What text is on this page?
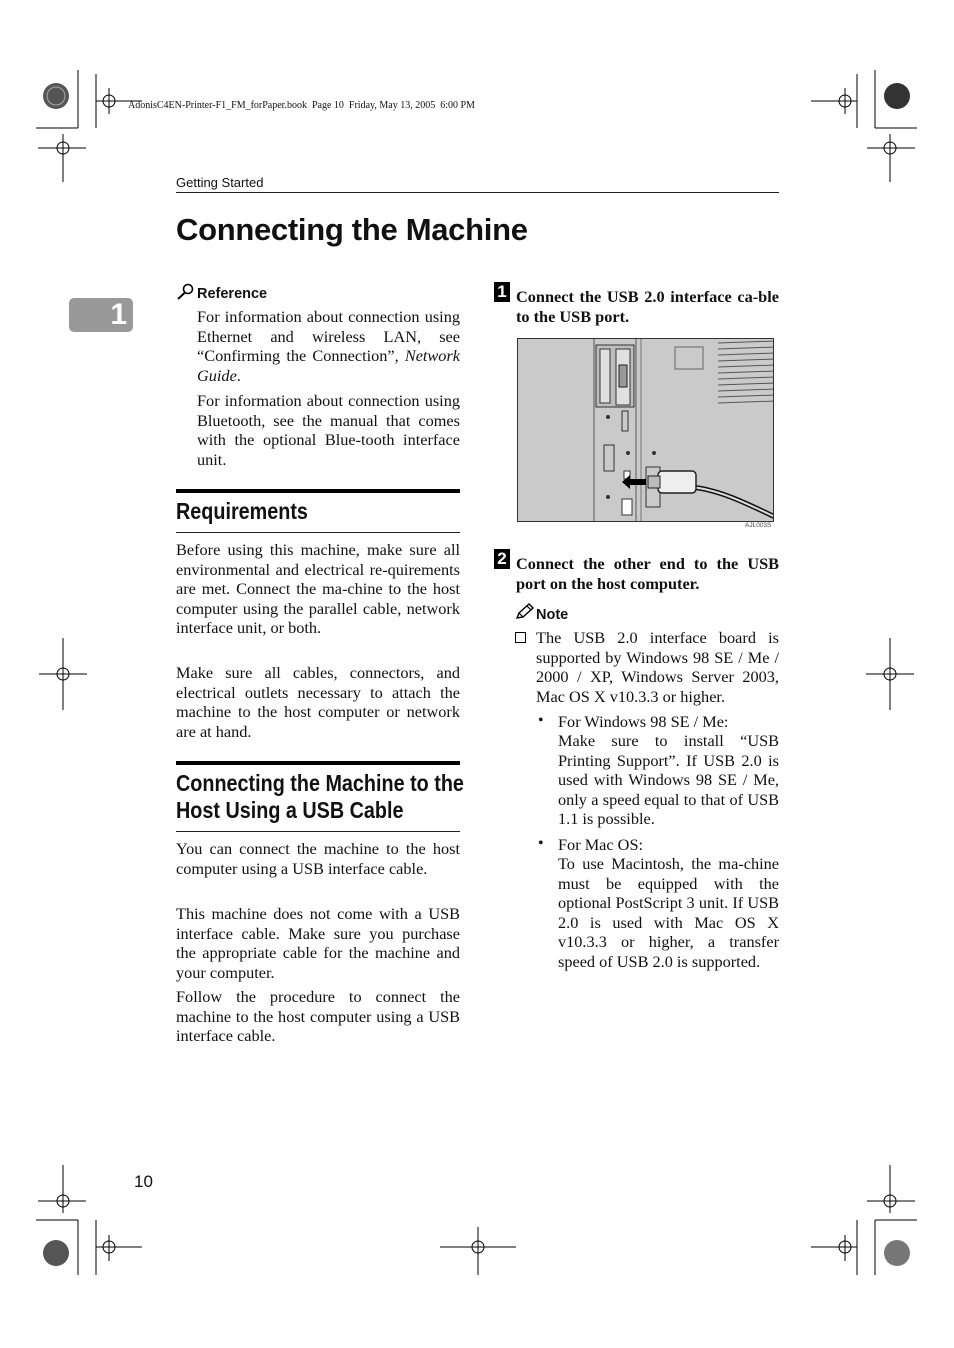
AdonisC4EN-Printer-F1_FM_forPaper.book  Page 10  Friday, May 13, 2005  6:00 PM
Getting Started
Connecting the Machine
1
Reference
For information about connection using Ethernet and wireless LAN, see “Confirming the Connection”, Network Guide.
For information about connection using Bluetooth, see the manual that comes with the optional Blue-tooth interface unit.
Requirements
Before using this machine, make sure all environmental and electrical re-quirements are met. Connect the ma-chine to the host computer using the parallel cable, network interface unit, or both.
Make sure all cables, connectors, and electrical outlets necessary to attach the machine to the host computer or network are at hand.
Connecting the Machine to the
Host Using a USB Cable
You can connect the machine to the host computer using a USB interface cable.
This machine does not come with a USB interface cable. Make sure you purchase the appropriate cable for the machine and your computer.
Follow the procedure to connect the machine to the host computer using a USB interface cable.
1 Connect the USB 2.0 interface ca-ble to the USB port.
AJL003S
2 Connect the other end to the USB port on the host computer.
Note
The USB 2.0 interface board is supported by Windows 98 SE / Me / 2000 / XP, Windows Server 2003, Mac OS X v10.3.3 or higher.
• For Windows 98 SE / Me:
Make sure to install “USB Printing Support”. If USB 2.0 is used with Windows 98 SE / Me, only a speed equal to that of USB 1.1 is possible.
• For Mac OS:
To use Macintosh, the ma-chine must be equipped with the optional PostScript 3 unit. If USB 2.0 is used with Mac OS X v10.3.3 or higher, a transfer speed of USB 2.0 is supported.
10
